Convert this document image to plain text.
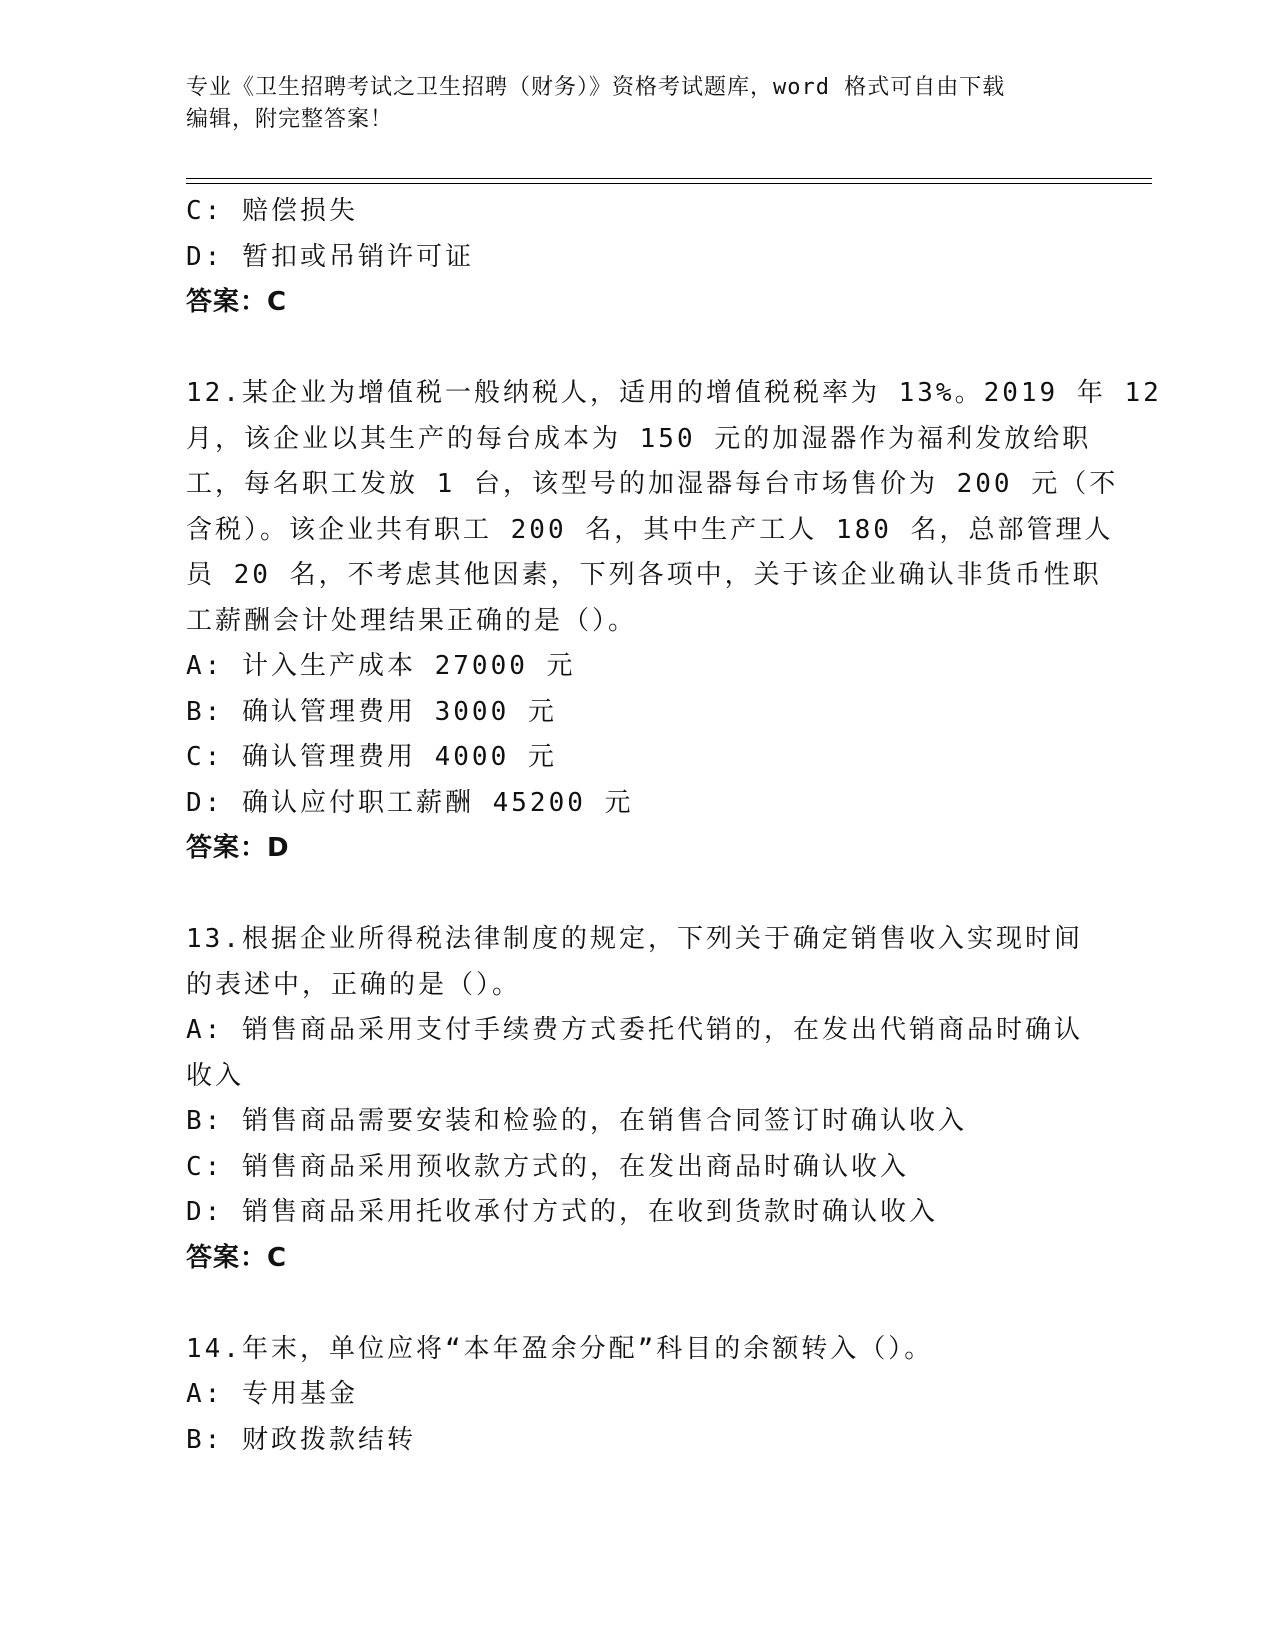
专业《卫生招聘考试之卫生招聘（财务）》资格考试题库，word 格式可自由下载
编辑，附完整答案！
C: 赔偿损失
D: 暂扣或吊销许可证
答案：C
12.某企业为增值税一般纳税人，适用的增值税税率为 13%。2019 年 12
月，该企业以其生产的每台成本为 150 元的加湿器作为福利发放给职
工，每名职工发放 1 台，该型号的加湿器每台市场售价为 200 元（不
含税）。该企业共有职工 200 名，其中生产工人 180 名，总部管理人
员 20 名，不考虑其他因素，下列各项中，关于该企业确认非货币性职
工薪酬会计处理结果正确的是（）。
A: 计入生产成本 27000 元
B: 确认管理费用 3000 元
C: 确认管理费用 4000 元
D: 确认应付职工薪酬 45200 元
答案：D
13.根据企业所得税法律制度的规定，下列关于确定销售收入实现时间
的表述中，正确的是（）。
A: 销售商品采用支付手续费方式委托代销的，在发出代销商品时确认
收入
B: 销售商品需要安装和检验的，在销售合同签订时确认收入
C: 销售商品采用预收款方式的，在发出商品时确认收入
D: 销售商品采用托收承付方式的，在收到货款时确认收入
答案：C
14.年末，单位应将“本年盈余分配”科目的余额转入（）。
A: 专用基金
B: 财政拨款结转
